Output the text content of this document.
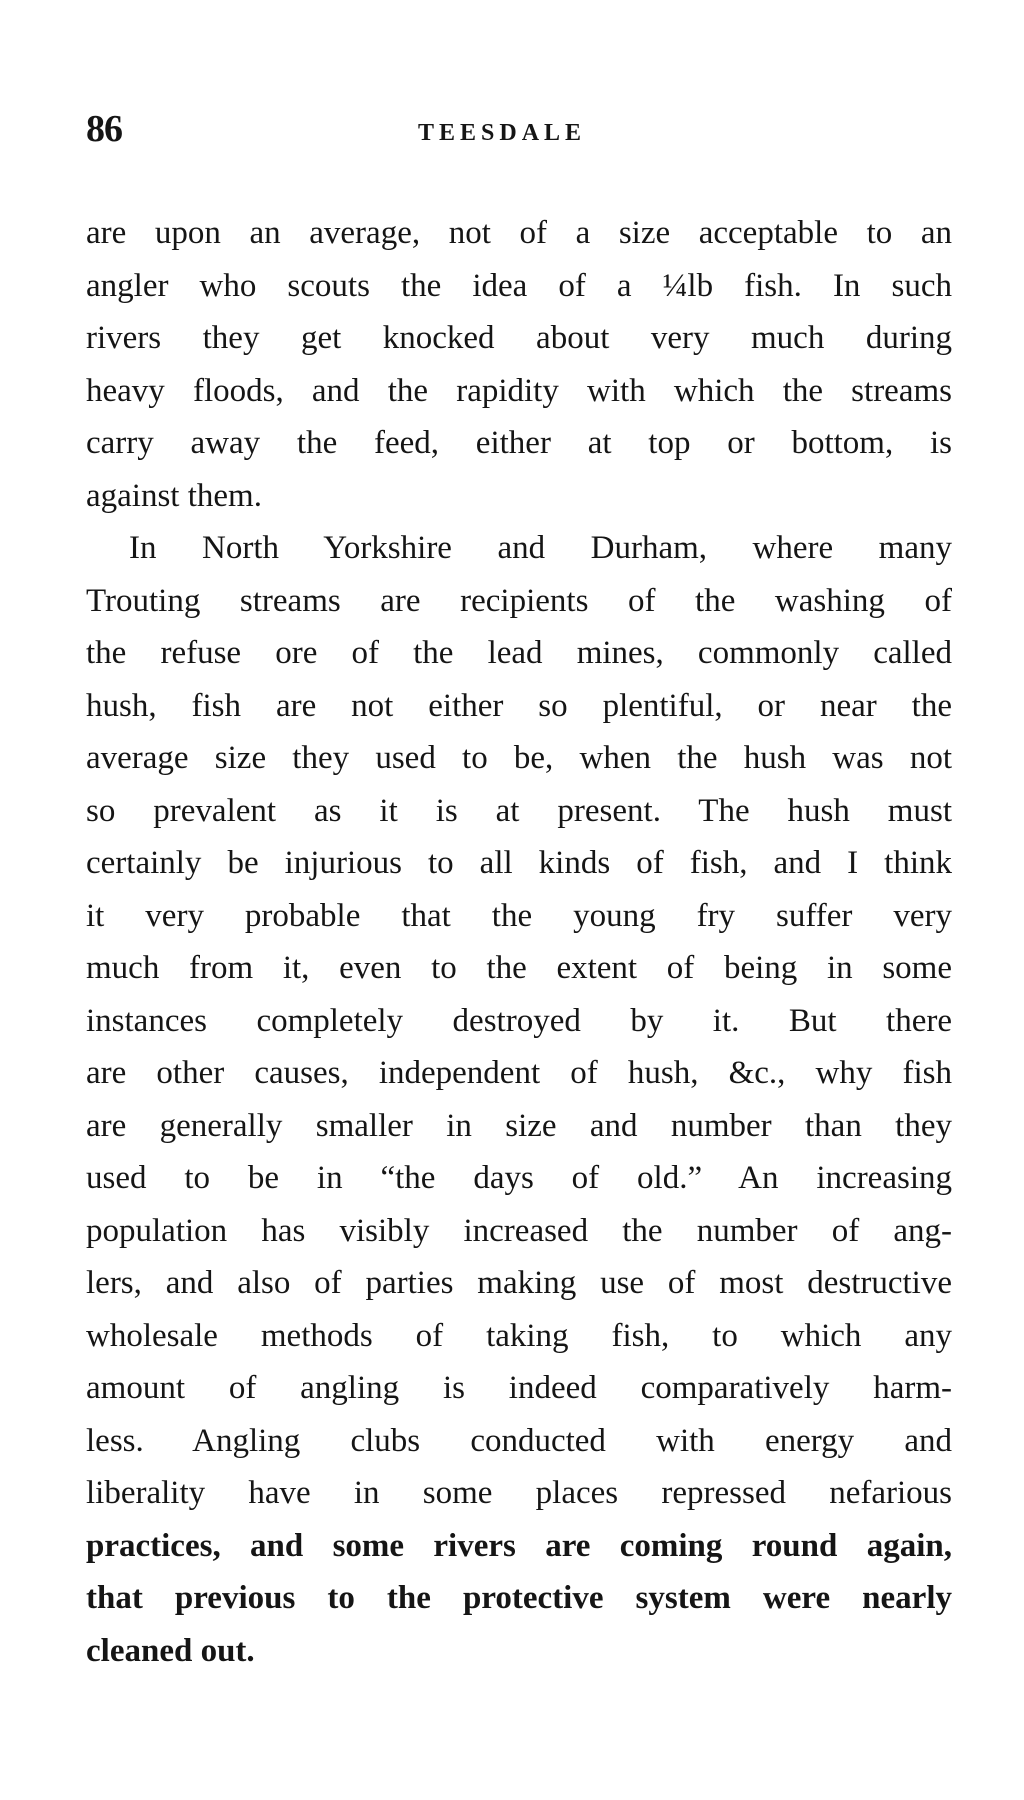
86	TEESDALE

are upon an average, not of a size acceptable to an
angler who scouts the idea of a ¼lb fish. In such
rivers they get knocked about very much during
heavy floods, and the rapidity with which the streams
carry away the feed, either at top or bottom, is
against them.

In North Yorkshire and Durham, where many
Trouting streams are recipients of the washing of
the refuse ore of the lead mines, commonly called
hush, fish are not either so plentiful, or near the
average size they used to be, when the hush was not
so prevalent as it is at present. The hush must
certainly be injurious to all kinds of fish, and I think
it very probable that the young fry suffer very
much from it, even to the extent of being in some
instances completely destroyed by it. But there
are other causes, independent of hush, &c., why fish
are generally smaller in size and number than they
used to be in “the days of old.” An increasing
population has visibly increased the number of ang-
lers, and also of parties making use of most destructive
wholesale methods of taking fish, to which any
amount of angling is indeed comparatively harm-
less. Angling clubs conducted with energy and
liberality have in some places repressed nefarious
practices, and some rivers are coming round again,
that previous to the protective system were nearly
cleaned out.
